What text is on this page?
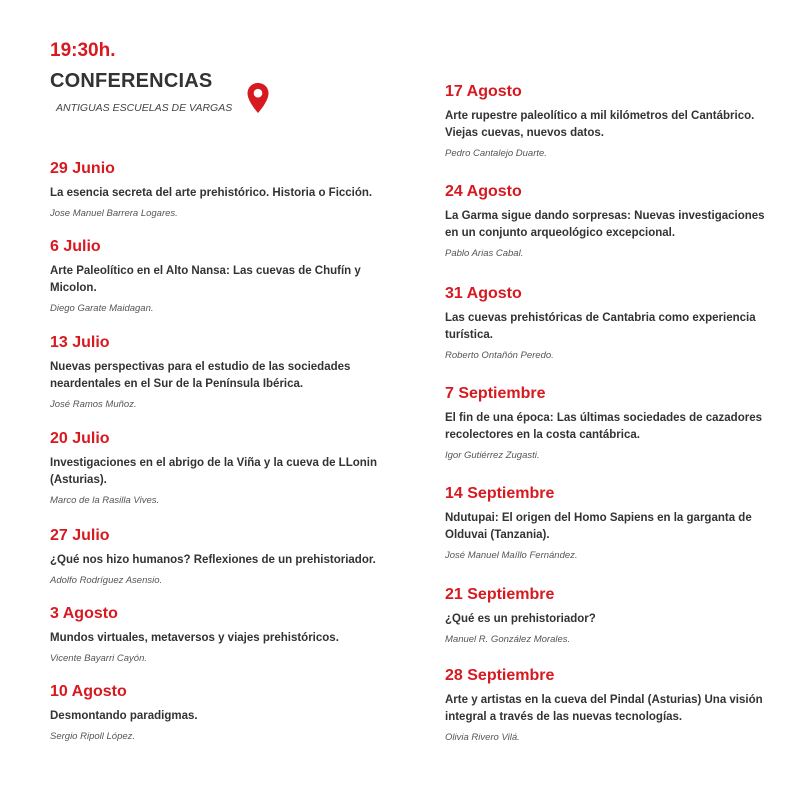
19:30h.
CONFERENCIAS
ANTIGUAS ESCUELAS DE VARGAS
29 Junio
La esencia secreta del arte prehistórico. Historia o Ficción.
Jose Manuel Barrera Logares.
6 Julio
Arte Paleolítico en el Alto Nansa: Las cuevas de Chufín y Micolon.
Diego Garate Maidagan.
13 Julio
Nuevas perspectivas para el estudio de las sociedades neardentales en el Sur de la Península Ibérica.
José Ramos Muñoz.
20 Julio
Investigaciones en el abrigo de la Viña y la cueva de LLonin (Asturias).
Marco de la Rasilla Vives.
27 Julio
¿Qué nos hizo humanos? Reflexiones de un prehistoriador.
Adolfo Rodríguez Asensio.
3 Agosto
Mundos virtuales, metaversos y viajes prehistóricos.
Vicente Bayarri Cayón.
10 Agosto
Desmontando paradigmas.
Sergio Ripoll López.
17 Agosto
Arte rupestre paleolítico a mil kilómetros del Cantábrico. Viejas cuevas, nuevos datos.
Pedro Cantalejo Duarte.
24 Agosto
La Garma sigue dando sorpresas: Nuevas investigaciones en un conjunto arqueológico excepcional.
Pablo Arias Cabal.
31 Agosto
Las cuevas prehistóricas de Cantabria como experiencia turística.
Roberto Ontañón Peredo.
7 Septiembre
El fin de una época: Las últimas sociedades de cazadores recolectores en la costa cantábrica.
Igor Gutiérrez Zugasti.
14 Septiembre
Ndutupai: El origen del Homo Sapiens en la garganta de Olduvai (Tanzania).
José Manuel Maíllo Fernández.
21 Septiembre
¿Qué es un prehistoriador?
Manuel R. González Morales.
28 Septiembre
Arte y artistas en la cueva del Pindal (Asturias) Una visión integral a través de las nuevas tecnologías.
Olivia Rivero Vilá.
